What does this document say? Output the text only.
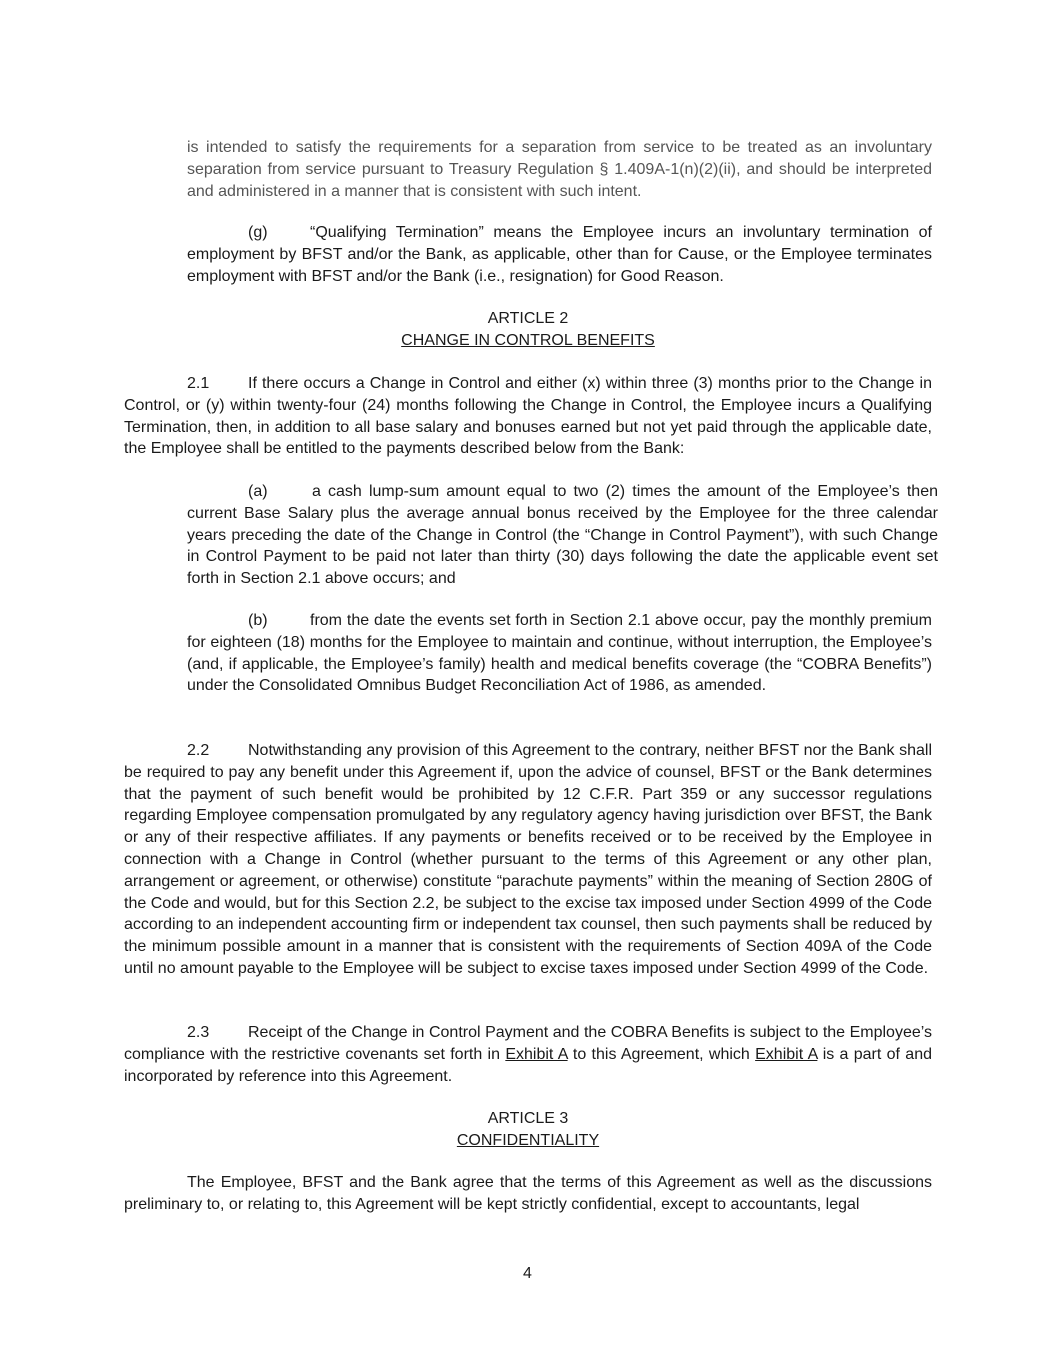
is intended to satisfy the requirements for a separation from service to be treated as an involuntary separation from service pursuant to Treasury Regulation § 1.409A-1(n)(2)(ii), and should be interpreted and administered in a manner that is consistent with such intent.

(g)	“Qualifying Termination” means the Employee incurs an involuntary termination of employment by BFST and/or the Bank, as applicable, other than for Cause, or the Employee terminates employment with BFST and/or the Bank (i.e., resignation) for Good Reason.

ARTICLE 2
CHANGE IN CONTROL BENEFITS

2.1 If there occurs a Change in Control and either (x) within three (3) months prior to the Change in Control, or (y) within twenty-four (24) months following the Change in Control, the Employee incurs a Qualifying Termination, then, in addition to all base salary and bonuses earned but not yet paid through the applicable date, the Employee shall be entitled to the payments described below from the Bank:

(a)	a cash lump-sum amount equal to two (2) times the amount of the Employee’s then current Base Salary plus the average annual bonus received by the Employee for the three calendar years preceding the date of the Change in Control (the “Change in Control Payment”), with such Change in Control Payment to be paid not later than thirty (30) days following the date the applicable event set forth in Section 2.1 above occurs; and

(b)	from the date the events set forth in Section 2.1 above occur, pay the monthly premium for eighteen (18) months for the Employee to maintain and continue, without interruption, the Employee’s (and, if applicable, the Employee’s family) health and medical benefits coverage (the “COBRA Benefits”) under the Consolidated Omnibus Budget Reconciliation Act of 1986, as amended.

2.2 Notwithstanding any provision of this Agreement to the contrary, neither BFST nor the Bank shall be required to pay any benefit under this Agreement if, upon the advice of counsel, BFST or the Bank determines that the payment of such benefit would be prohibited by 12 C.F.R. Part 359 or any successor regulations regarding Employee compensation promulgated by any regulatory agency having jurisdiction over BFST, the Bank or any of their respective affiliates. If any payments or benefits received or to be received by the Employee in connection with a Change in Control (whether pursuant to the terms of this Agreement or any other plan, arrangement or agreement, or otherwise) constitute “parachute payments” within the meaning of Section 280G of the Code and would, but for this Section 2.2, be subject to the excise tax imposed under Section 4999 of the Code according to an independent accounting firm or independent tax counsel, then such payments shall be reduced by the minimum possible amount in a manner that is consistent with the requirements of Section 409A of the Code until no amount payable to the Employee will be subject to excise taxes imposed under Section 4999 of the Code.

2.3 Receipt of the Change in Control Payment and the COBRA Benefits is subject to the Employee’s compliance with the restrictive covenants set forth in Exhibit A to this Agreement, which Exhibit A is a part of and incorporated by reference into this Agreement.

ARTICLE 3
CONFIDENTIALITY

The Employee, BFST and the Bank agree that the terms of this Agreement as well as the discussions preliminary to, or relating to, this Agreement will be kept strictly confidential, except to accountants, legal

4
